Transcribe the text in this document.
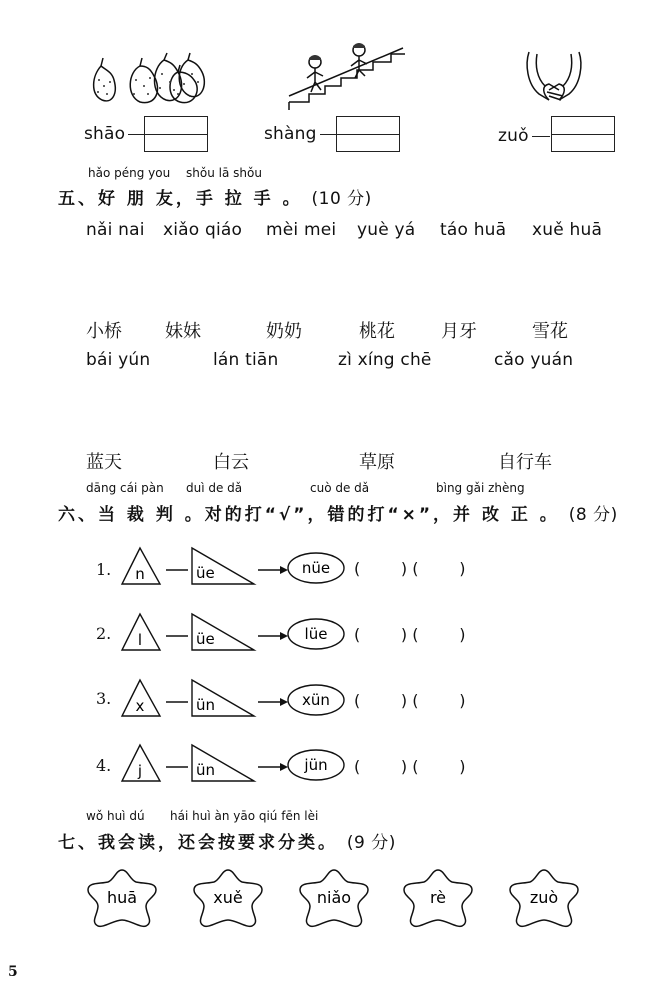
shāo	shàng	zuǒ
hǎo péng you shǒu lā shǒu
五、好 朋 友，手 拉 手 。 (10 分)
nǎi nai xiǎo qiáo mèi mei yuè yá táo huā xuě huā
小桥 妹妹	奶奶	桃花	月牙	雪花
bái yún	lán tiān	zì xíng chē	cǎo yuán
蓝天	白云	草原	自行车
dāng cái pàn duì de dǎ	cuò de dǎ	bìng gǎi zhèng
六、当 裁 判 。对的打“√”，错的打“×”，并 改 正 。 (8 分)
1. n	üe	nüe (        ) (        )
2. l	üe	lüe (        ) (        )
3. x	ün	xün (        ) (        )
4. j	ün	jün (        ) (        )
wǒ huì dú hái huì àn yāo qiú fēn lèi
七、我会读，还会按要求分类。 (9 分)
huā	xuě	niǎo	rè	zuò
5
